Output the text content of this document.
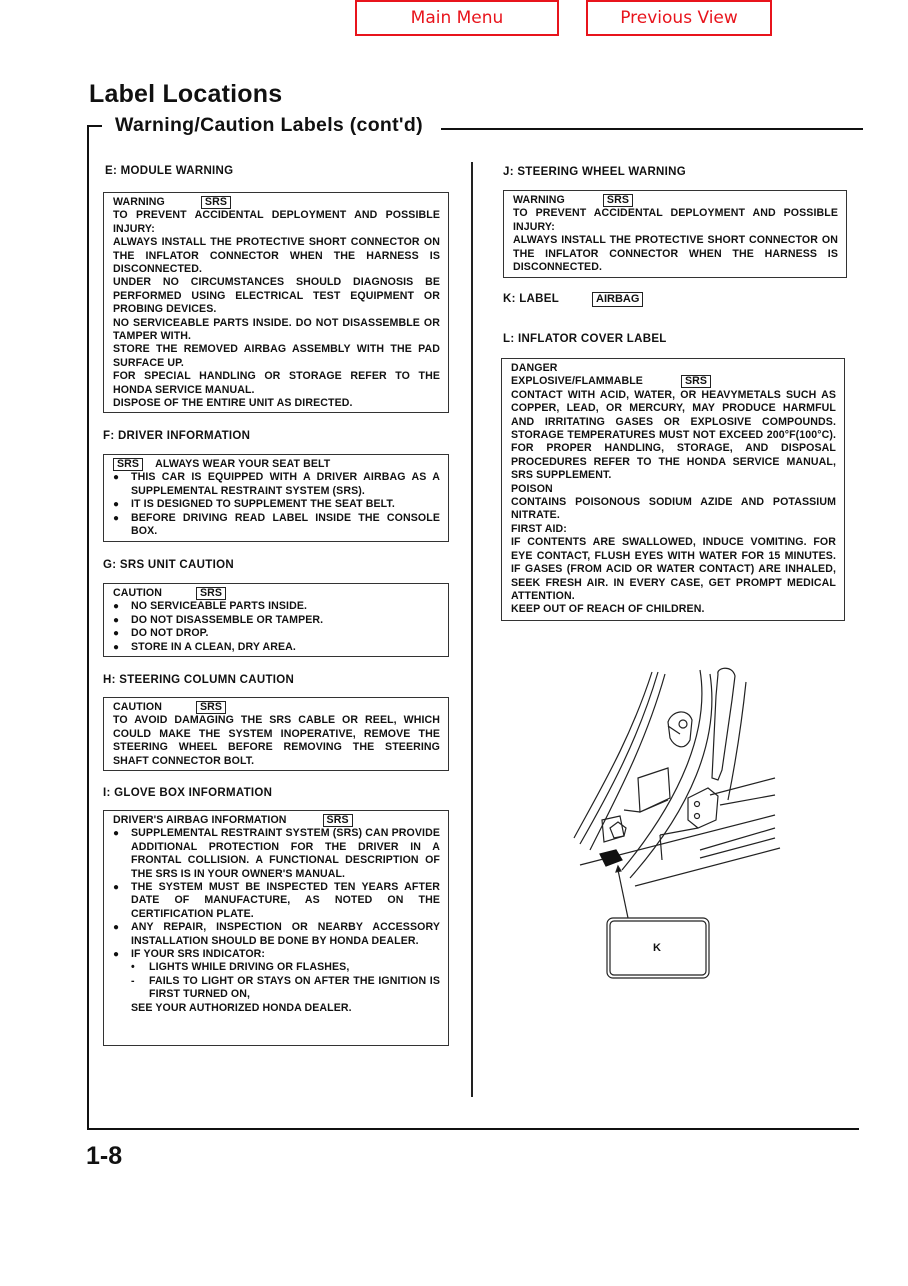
Main Menu	Previous View
Label Locations
Warning/Caution Labels (cont'd)
E: MODULE WARNING
WARNING	SRS

TO PREVENT ACCIDENTAL DEPLOYMENT AND POSSIBLE INJURY:

ALWAYS INSTALL THE PROTECTIVE SHORT CONNECTOR ON THE INFLATOR CONNECTOR WHEN THE HARNESS IS DISCONNECTED.

UNDER NO CIRCUMSTANCES SHOULD DIAGNOSIS BE PERFORMED USING ELECTRICAL TEST EQUIPMENT OR PROBING DEVICES.

NO SERVICEABLE PARTS INSIDE. DO NOT DISASSEMBLE OR TAMPER WITH.

STORE THE REMOVED AIRBAG ASSEMBLY WITH THE PAD SURFACE UP.

FOR SPECIAL HANDLING OR STORAGE REFER TO THE HONDA SERVICE MANUAL.

DISPOSE OF THE ENTIRE UNIT AS DIRECTED.

F: DRIVER INFORMATION
SRS ALWAYS WEAR YOUR SEAT BELT
●	THIS CAR IS EQUIPPED WITH A DRIVER AIRBAG AS A SUPPLEMENTAL RESTRAINT SYSTEM (SRS).
●	IT IS DESIGNED TO SUPPLEMENT THE SEAT BELT.
●	BEFORE DRIVING READ LABEL INSIDE THE CONSOLE BOX.
G: SRS UNIT CAUTION
CAUTION	SRS
●	NO SERVICEABLE PARTS INSIDE.
●	DO NOT DISASSEMBLE OR TAMPER.
●	DO NOT DROP.
●	STORE IN A CLEAN, DRY AREA.
H: STEERING COLUMN CAUTION
CAUTION	SRS

TO AVOID DAMAGING THE SRS CABLE OR REEL, WHICH COULD MAKE THE SYSTEM INOPERATIVE, REMOVE THE STEERING WHEEL BEFORE REMOVING THE STEERING SHAFT CONNECTOR BOLT.

I: GLOVE BOX INFORMATION
DRIVER'S AIRBAG INFORMATION	SRS
●	SUPPLEMENTAL RESTRAINT SYSTEM (SRS) CAN PROVIDE ADDITIONAL PROTECTION FOR THE DRIVER IN A FRONTAL COLLISION. A FUNCTIONAL DESCRIPTION OF THE SRS IS IN YOUR OWNER'S MANUAL.
●	THE SYSTEM MUST BE INSPECTED TEN YEARS AFTER DATE OF MANUFACTURE, AS NOTED ON THE CERTIFICATION PLATE.
●	ANY REPAIR, INSPECTION OR NEARBY ACCESSORY INSTALLATION SHOULD BE DONE BY HONDA DEALER.
●	IF YOUR SRS INDICATOR:
•	LIGHTS WHILE DRIVING OR FLASHES,
-	FAILS TO LIGHT OR STAYS ON AFTER THE IGNITION IS FIRST TURNED ON,
SEE YOUR AUTHORIZED HONDA DEALER.
J: STEERING WHEEL WARNING
WARNING	SRS

TO PREVENT ACCIDENTAL DEPLOYMENT AND POSSIBLE INJURY:

ALWAYS INSTALL THE PROTECTIVE SHORT CONNECTOR ON THE INFLATOR CONNECTOR WHEN THE HARNESS IS DISCONNECTED.

K: LABEL	AIRBAG
L: INFLATOR COVER LABEL
DANGER
EXPLOSIVE/FLAMMABLE	SRS

CONTACT WITH ACID, WATER, OR HEAVYMETALS SUCH AS COPPER, LEAD, OR MERCURY, MAY PRODUCE HARMFUL AND IRRITATING GASES OR EXPLOSIVE COMPOUNDS. STORAGE TEMPERATURES MUST NOT EXCEED 200°F(100°C). FOR PROPER HANDLING, STORAGE, AND DISPOSAL PROCEDURES REFER TO THE HONDA SERVICE MANUAL, SRS SUPPLEMENT.

POISON

CONTAINS POISONOUS SODIUM AZIDE AND POTASSIUM NITRATE.

FIRST AID:

IF CONTENTS ARE SWALLOWED, INDUCE VOMITING. FOR EYE CONTACT, FLUSH EYES WITH WATER FOR 15 MINUTES. IF GASES (FROM ACID OR WATER CONTACT) ARE INHALED, SEEK FRESH AIR. IN EVERY CASE, GET PROMPT MEDICAL ATTENTION.

KEEP OUT OF REACH OF CHILDREN.

K
1-8
